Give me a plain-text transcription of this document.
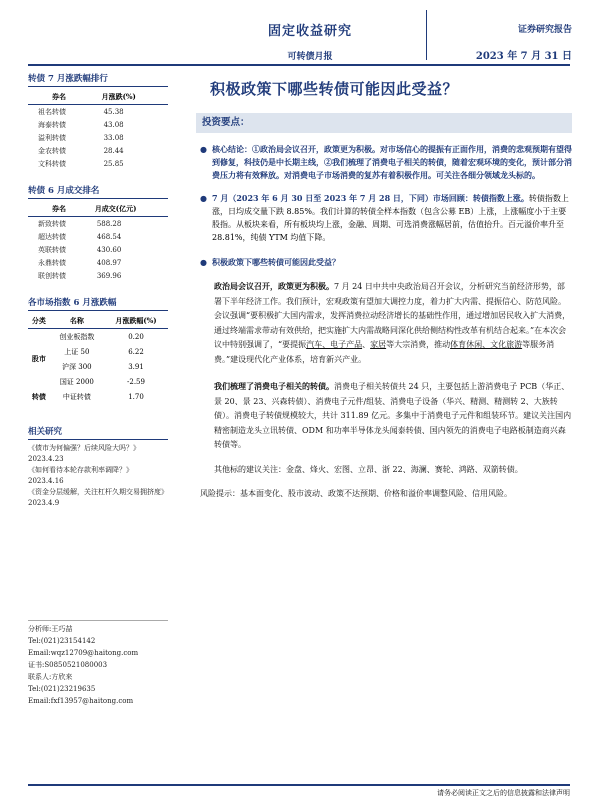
固定收益研究
可转债月报
证券研究报告
2023 年 7 月 31 日
转债 7 月涨跌幅排行
券名	月涨跌(%)
祖名转债	45.38
海泰转债	43.08
溢利转债	33.08
金农转债	28.44
文科转债	25.85
转债 6 月成交排名
券名	月成交(亿元)
新致转债	588.28
超达转债	468.54
英联转债	430.60
永鼎转债	408.97
联创转债	369.96
各市场指数 6 月涨跌幅
分类	名称	月涨跌幅(%)
股市	创业板指数	0.20
	上证 50	6.22
	沪深 300	3.91
	国证 2000	-2.59
转债	中证转债	1.70
相关研究

《债市为何偏强？后续风险大吗？》2023.4.23

《如何看待本轮存款利率调降？》2023.4.16

《资金分层缓解，关注杠杆久期交易拥挤度》2023.4.9

分析师:王巧喆
Tel:(021)23154142
Email:wqz12709@haitong.com
证书:S0850521080003
联系人:方欣来
Tel:(021)23219635
Email:fxf13957@haitong.com
积极政策下哪些转债可能因此受益？
投资要点：
● 核心结论：①政治局会议召开，政策更为积极。对市场信心的提振有正面作用，消费的悲观预期有望得到修复，科技仍是中长期主线，②我们梳理了消费电子相关的转债，随着宏观环境的变化，预计部分消费压力将有效释放。对消费电子市场消费的复苏有着积极作用。可关注各细分领域龙头标的。
● 7 月（2023 年 6 月 30 日至 2023 年 7 月 28 日，下同）市场回顾：转债指数上涨。转债指数上涨，日均成交量下跌 8.85%。我们计算的转债全样本指数（包含公募 EB）上涨，上涨幅度小于主要股指。从板块来看，所有板块均上涨，金融、周期、可选消费涨幅居前，估值抬升。百元溢价率升至 28.81%，纯债 YTM 均值下降。
● 积极政策下哪些转债可能因此受益？
政治局会议召开，政策更为积极。7 月 24 日中共中央政治局召开会议，分析研究当前经济形势，部署下半年经济工作。我们预计，宏观政策有望加大调控力度，着力扩大内需、提振信心、防范风险。会议强调“要积极扩大国内需求，发挥消费拉动经济增长的基础性作用，通过增加居民收入扩大消费，通过终端需求带动有效供给，把实施扩大内需战略同深化供给侧结构性改革有机结合起来。”在本次会议中特别强调了，“要提振汽车、电子产品、家居等大宗消费，推动体育休闲、文化旅游等服务消费。”建设现代化产业体系，培育新兴产业。
我们梳理了消费电子相关的转债。消费电子相关转债共 24 只，主要包括上游消费电子 PCB（华正、景 20、景 23、兴森转债）、消费电子元件/组装、消费电子设备（华兴、精测、精测转 2、大族转债）。消费电子转债规模较大，共计 311.89 亿元。多集中于消费电子元件和组装环节。建议关注国内精密制造龙头立讯转债、ODM 和功率半导体龙头闻泰转债、国内领先的消费电子电路板制造商兴森转债等。
其他标的建议关注：金盘、烽火、宏图、立昂、浙 22、海澜、赛轮、鸿路、双箭转债。
风险提示：基本面变化、股市波动、政策不达预期、价格和溢价率调整风险、信用风险。
请务必阅读正文之后的信息披露和法律声明
